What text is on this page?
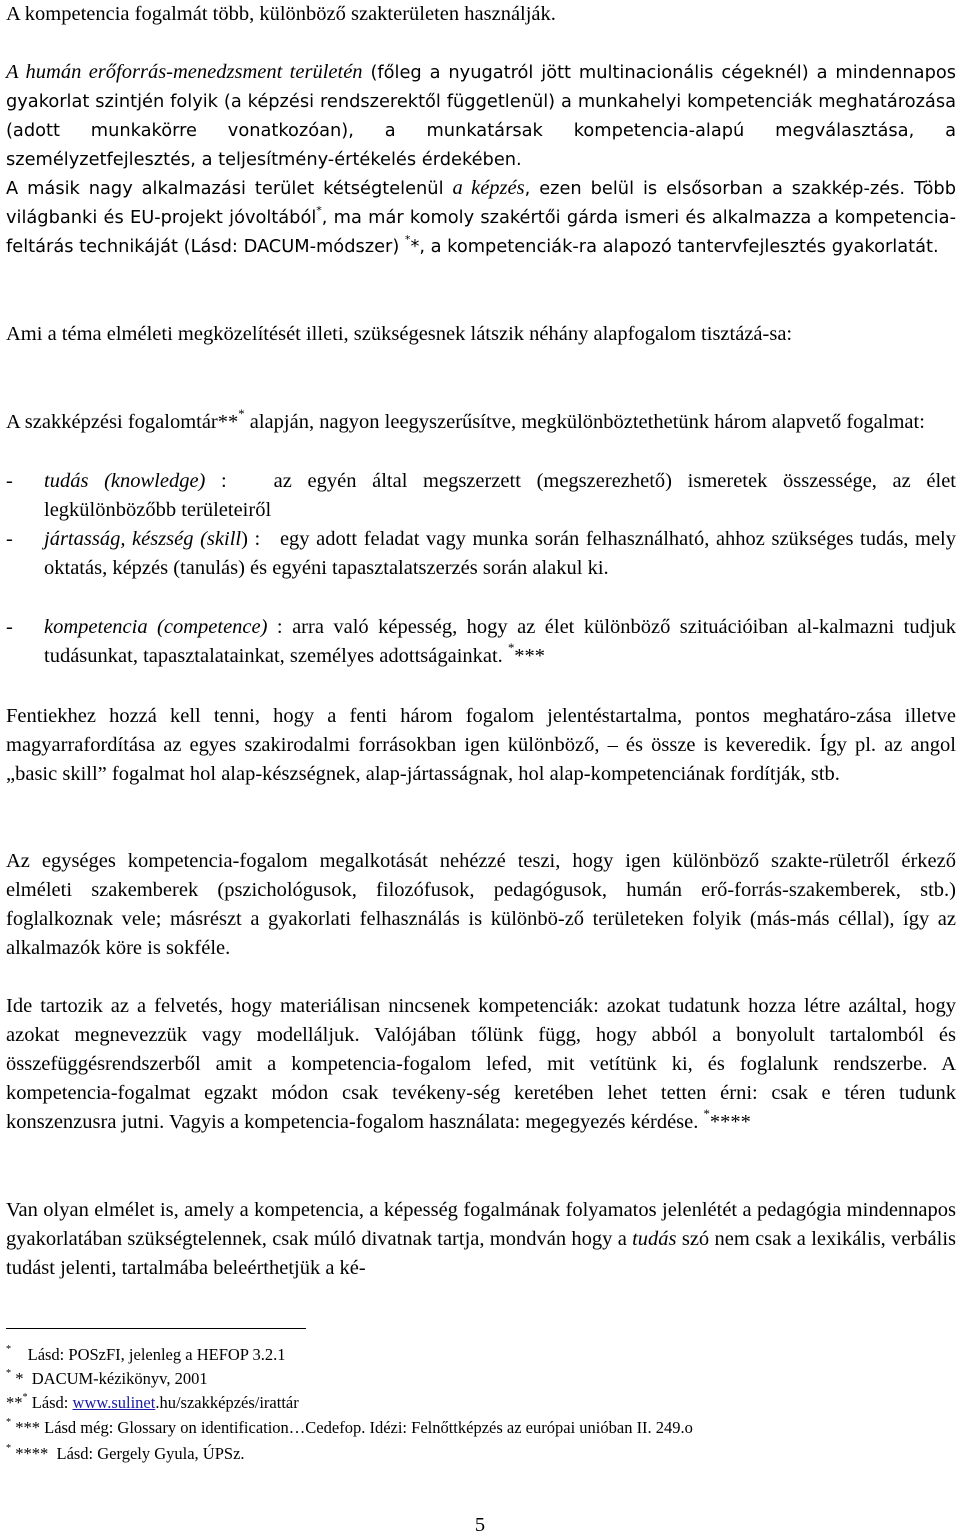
A kompetencia fogalmát több, különböző szakterületen használják.

A humán erőforrás-menedzsment területén (főleg a nyugatról jött multinacionális cégeknél) a mindennapos gyakorlat szintjén folyik (a képzési rendszerektől függetlenül) a munkahelyi kompetenciák meghatározása (adott munkakörre vonatkozóan), a munkatársak kompetencia-alapú megválasztása, a személyzetfejlesztés, a teljesítmény-értékelés érdekében.

A másik nagy alkalmazási terület kétségtelenül a képzés, ezen belül is elsősorban a szakkép-zés. Több világbanki és EU-projekt jóvoltából*, ma már komoly szakértői gárda ismeri és alkalmazza a kompetencia-feltárás technikáját (Lásd: DACUM-módszer) **, a kompetenciák-ra alapozó tantervfejlesztés gyakorlatát.

Ami a téma elméleti megközelítését illeti, szükségesnek látszik néhány alapfogalom tisztázá-sa:

A szakképzési fogalomtár*** alapján, nagyon leegyszerűsítve, megkülönböztethetünk három alapvető fogalmat:

-	tudás (knowledge) :   az egyén által megszerzett (megszerezhető) ismeretek összessége, az élet legkülönbözőbb területeiről
-	jártasság, készség (skill) :   egy adott feladat vagy munka során felhasználható, ahhoz szükséges tudás, mely oktatás, képzés (tanulás) és egyéni tapasztalatszerzés során alakul ki.
-	kompetencia (competence) : arra való képesség, hogy az élet különböző szituációiban al-kalmazni tudjuk tudásunkat, tapasztalatainkat, személyes adottságainkat. ****

Fentiekhez hozzá kell tenni, hogy a fenti három fogalom jelentéstartalma, pontos meghatáro-zása illetve magyarrafordítása az egyes szakirodalmi forrásokban igen különböző, – és össze is keveredik. Így pl. az angol „basic skill” fogalmat hol alap-készségnek, alap-jártasságnak, hol alap-kompetenciának fordítják, stb.

Az egységes kompetencia-fogalom megalkotását nehézzé teszi, hogy igen különböző szakte-rületről érkező elméleti szakemberek (pszichológusok, filozófusok, pedagógusok, humán erő-forrás-szakemberek, stb.) foglalkoznak vele; másrészt a gyakorlati felhasználás is különbö-ző területeken folyik (más-más céllal), így az alkalmazók köre is sokféle.

Ide tartozik az a felvetés, hogy materiálisan nincsenek kompetenciák: azokat tudatunk hozza létre azáltal, hogy azokat megnevezzük vagy modelláljuk. Valójában tőlünk függ, hogy abból a bonyolult tartalomból és összefüggésrendszerből amit a kompetencia-fogalom lefed, mit vetítünk ki, és foglalunk rendszerbe. A kompetencia-fogalmat egzakt módon csak tevékeny-ség keretében lehet tetten érni: csak e téren tudunk konszenzusra jutni. Vagyis a kompetencia-fogalom használata: megegyezés kérdése. *****

Van olyan elmélet is, amely a kompetencia, a képesség fogalmának folyamatos jelenlétét a pedagógia mindennapos gyakorlatában szükségtelennek, csak múló divatnak tartja, mondván hogy a tudás szó nem csak a lexikális, verbális tudást jelenti, tartalmába beleérthetjük a ké-

*    Lásd: POSzFI, jelenleg a HEFOP 3.2.1
* *  DACUM-kézikönyv, 2001
*** Lásd: www.sulinet.hu/szakképzés/irattár
* *** Lásd még: Glossary on identification…Cedefop. Idézi: Felnőttképzés az európai unióban II. 249.o
* ****  Lásd: Gergely Gyula, ÚPSz.
5
